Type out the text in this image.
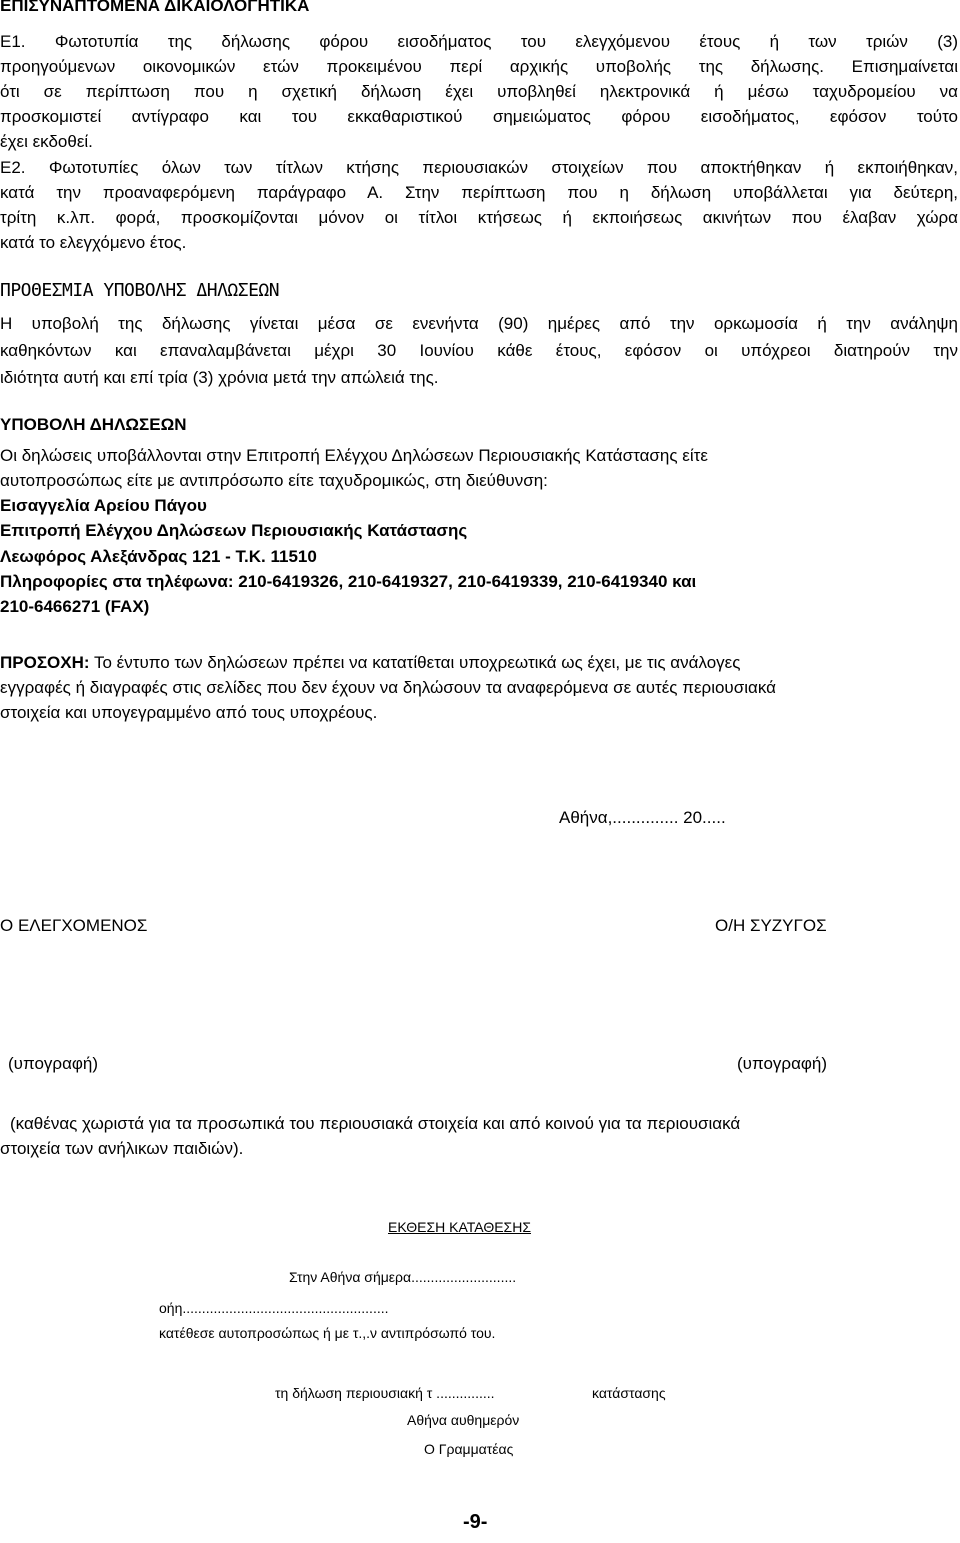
ΕΠΙΣΥΝΑΠΤΟΜΕΝΑ ΔΙΚΑΙΟΛΟΓΗΤΙΚΑ
Ε1. Φωτοτυπία της δήλωσης φόρου εισοδήματος του ελεγχόμενου έτους ή των τριών (3)
προηγούμενων οικονομικών ετών προκειμένου περί αρχικής υποβολής της δήλωσης. Επισημαίνεται
ότι σε περίπτωση που η σχετική δήλωση έχει υποβληθεί ηλεκτρονικά ή μέσω ταχυδρομείου να
προσκομιστεί αντίγραφο και του εκκαθαριστικού σημειώματος φόρου εισοδήματος, εφόσον τούτο
έχει εκδοθεί.
Ε2. Φωτοτυπίες όλων των τίτλων κτήσης περιουσιακών στοιχείων που αποκτήθηκαν ή εκποιήθηκαν,
κατά την προαναφερόμενη παράγραφο Α. Στην περίπτωση που η δήλωση υποβάλλεται για δεύτερη,
τρίτη κ.λπ. φορά, προσκομίζονται μόνον οι τίτλοι κτήσεως ή εκποιήσεως ακινήτων που έλαβαν χώρα
κατά το ελεγχόμενο έτος.
ΠΡΟΘΕΣΜΙΑ ΥΠΟΒΟΛΗΣ ΔΗΛΩΣΕΩΝ
Η υποβολή της δήλωσης γίνεται μέσα σε ενενήντα (90) ημέρες από την ορκωμοσία ή την ανάληψη
καθηκόντων και επαναλαμβάνεται μέχρι 30 Ιουνίου κάθε έτους, εφόσον οι υπόχρεοι διατηρούν την
ιδιότητα αυτή και επί τρία (3) χρόνια μετά την απώλειά της.
ΥΠΟΒΟΛΗ ΔΗΛΩΣΕΩΝ
Οι δηλώσεις υποβάλλονται στην Επιτροπή Ελέγχου Δηλώσεων Περιουσιακής Κατάστασης είτε
αυτοπροσώπως είτε με αντιπρόσωπο είτε ταχυδρομικώς, στη διεύθυνση:
Εισαγγελία Αρείου Πάγου
Επιτροπή Ελέγχου Δηλώσεων Περιουσιακής Κατάστασης
Λεωφόρος Αλεξάνδρας 121 - Τ.Κ. 11510
Πληροφορίες στα τηλέφωνα: 210-6419326, 210-6419327, 210-6419339, 210-6419340 και
210-6466271 (FAX)
ΠΡΟΣΟΧΗ: Το έντυπο των δηλώσεων πρέπει να κατατίθεται υποχρεωτικά ως έχει, με τις ανάλογες
εγγραφές ή διαγραφές στις σελίδες που δεν έχουν να δηλώσουν τα αναφερόμενα σε αυτές περιουσιακά
στοιχεία και υπογεγραμμένο από τους υποχρέους.
Αθήνα,.............. 20.....
Ο ΕΛΕΓΧΟΜΕΝΟΣ	Ο/Η ΣΥΖΥΓΟΣ
(υπογραφή)	(υπογραφή)
(καθένας χωριστά για τα προσωπικά του περιουσιακά στοιχεία και από κοινού για τα περιουσιακά
στοιχεία των ανήλικων παιδιών).
ΕΚΘΕΣΗ ΚΑΤΑΘΕΣΗΣ
Στην Αθήνα σήμερα...........................
οήη.....................................................
κατέθεσε αυτοπροσώπως ή με τ.,.ν αντιπρόσωπό του.
τη δήλωση περιουσιακή τ ...............	κατάστασης
Αθήνα αυθημερόν
Ο Γραμματέας
-9-
